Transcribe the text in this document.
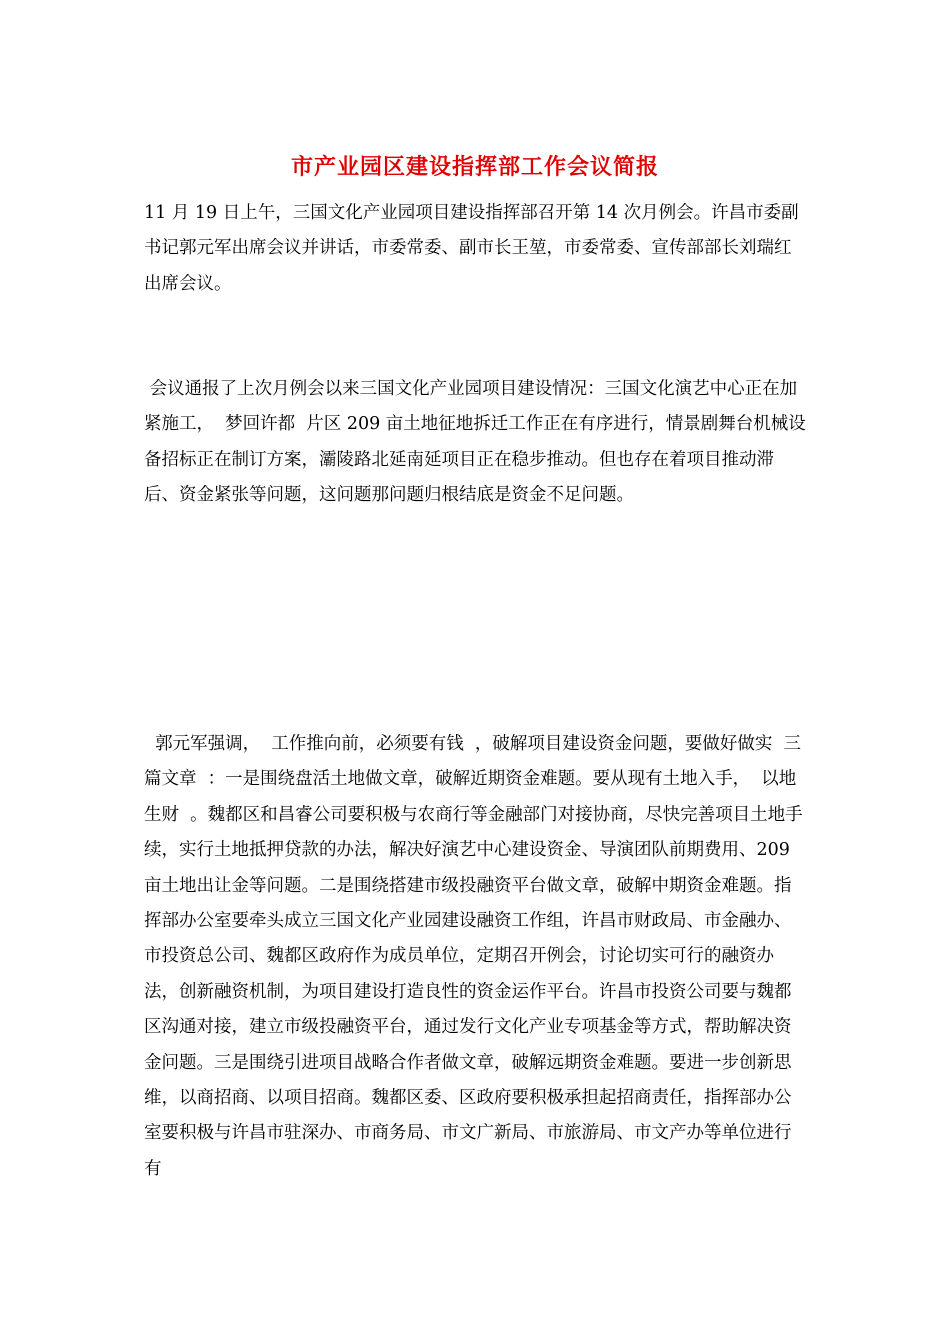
市产业园区建设指挥部工作会议简报

11 月 19 日上午，三国文化产业园项目建设指挥部召开第 14 次月例会。许昌市委副书记郭元军出席会议并讲话，市委常委、副市长王堃，市委常委、宣传部部长刘瑞红出席会议。

会议通报了上次月例会以来三国文化产业园项目建设情况：三国文化演艺中心正在加紧施工，  梦回许都  片区 209 亩土地征地拆迁工作正在有序进行，情景剧舞台机械设备招标正在制订方案，灞陵路北延南延项目正在稳步推动。但也存在着项目推动滞后、资金紧张等问题，这问题那问题归根结底是资金不足问题。

郭元军强调，  工作推向前，必须要有钱  ，破解项目建设资金问题，要做好做实  三篇文章  ：一是围绕盘活土地做文章，破解近期资金难题。要从现有土地入手，  以地生财  。魏都区和昌睿公司要积极与农商行等金融部门对接协商，尽快完善项目土地手续，实行土地抵押贷款的办法，解决好演艺中心建设资金、导演团队前期费用、209 亩土地出让金等问题。二是围绕搭建市级投融资平台做文章，破解中期资金难题。指挥部办公室要牵头成立三国文化产业园建设融资工作组，许昌市财政局、市金融办、市投资总公司、魏都区政府作为成员单位，定期召开例会，讨论切实可行的融资办法，创新融资机制，为项目建设打造良性的资金运作平台。许昌市投资公司要与魏都区沟通对接，建立市级投融资平台，通过发行文化产业专项基金等方式，帮助解决资金问题。三是围绕引进项目战略合作者做文章，破解远期资金难题。要进一步创新思维，以商招商、以项目招商。魏都区委、区政府要积极承担起招商责任，指挥部办公室要积极与许昌市驻深办、市商务局、市文广新局、市旅游局、市文产办等单位进行有
